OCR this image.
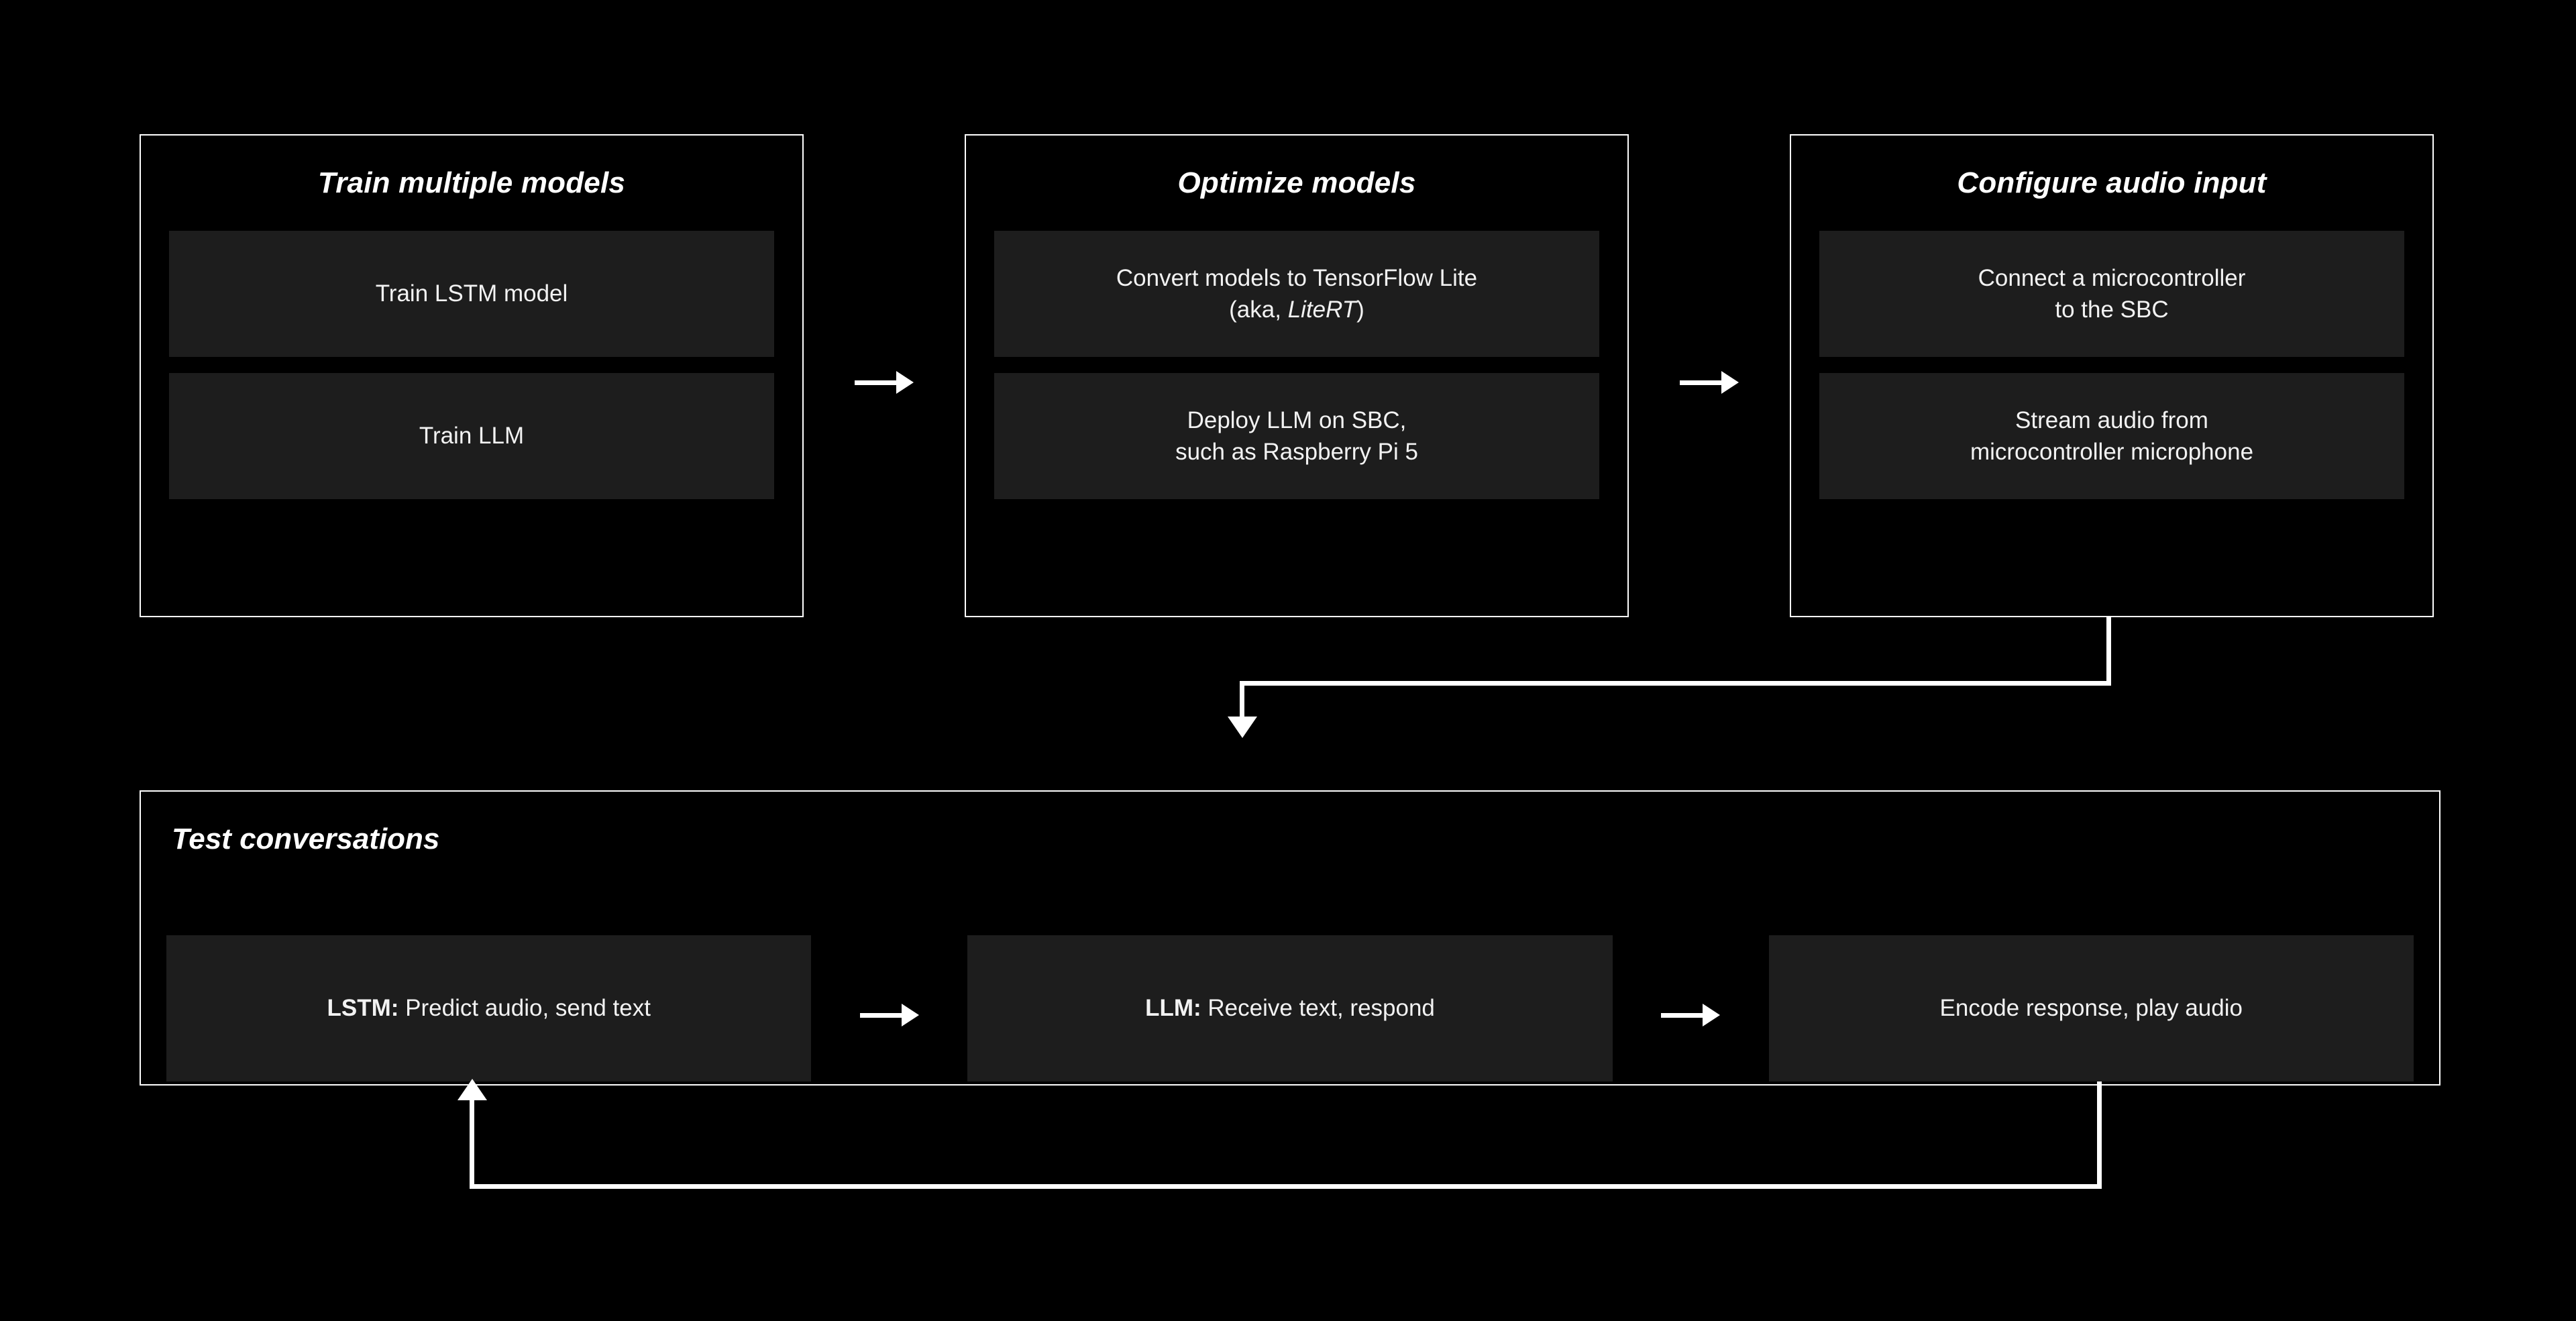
Train multiple models
Train LSTM model
Train LLM
Optimize models
Convert models to TensorFlow Lite
(aka, LiteRT)
Deploy LLM on SBC,
such as Raspberry Pi 5
Configure audio input
Connect a microcontroller
to the SBC
Stream audio from
microcontroller microphone
Test conversations
LSTM: Predict audio, send text	LLM: Receive text, respond	Encode response, play audio
